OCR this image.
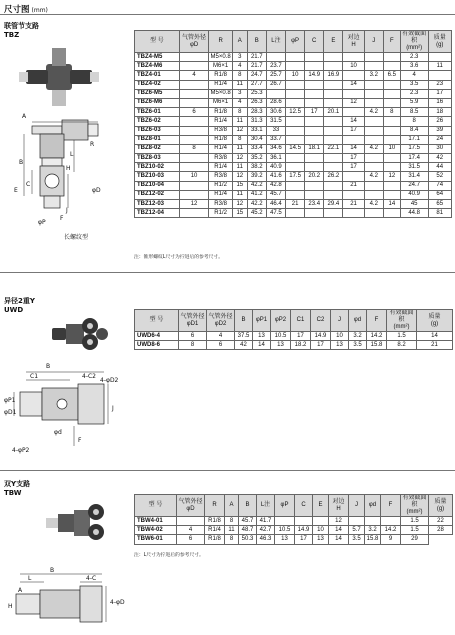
尺寸图 (mm)
联管节支路
TBZ
A
φP
B
L
H
R
C
E
J
F
φD
长螺纹型
型 号	气管外径
φD	R	A	B	L注	φP	C	E	对边
H	J	F	有效截面积
(mm²)	质量
(g)
TBZ4-M5		M5×0.8	3	21.7								2.3	
TBZ4-M6		M6×1	4	21.7	23.7				10			3.6	11
TBZ4-01	4	R1/8	8	24.7	25.7	10	14.9	16.9		3.2	6.5	4	
TBZ4-02		R1/4	11	27.7	26.7				14			3.5	23
TBZ6-M5		M5×0.8	3	25.3								2.3	17
TBZ6-M6		M6×1	4	26.3	28.6				12			5.9	16
TBZ6-01	6	R1/8	8	28.3	30.6	12.5	17	20.1		4.2	8	8.5	18
TBZ6-02		R1/4	11	31.3	31.5				14			8	26
TBZ6-03		R3/8	12	33.1	33				17			8.4	39
TBZ8-01		R1/8	8	30.4	33.7							17.1	24
TBZ8-02	8	R1/4	11	33.4	34.6	14.5	18.1	22.1	14	4.2	10	17.5	30
TBZ8-03		R3/8	12	35.2	36.1				17			17.4	42
TBZ10-02		R1/4	11	38.2	40.9				17			31.5	44
TBZ10-03	10	R3/8	12	39.2	41.6	17.5	20.2	26.2		4.2	12	31.4	52
TBZ10-04		R1/2	15	42.2	42.8				21			24.7	74
TBZ12-02		R1/4	11	41.2	45.7							40.9	64
TBZ12-03	12	R3/8	12	42.2	46.4	21	23.4	29.4	21	4.2	14	45	65
TBZ12-04		R1/2	15	45.2	47.5							44.8	81
注：锥形螺纹L尺寸为拧进后的参考尺寸。
异径2重Y
UWD
B
C1	4-C2
φP1
φD1
4-φP2
4-φD2
J
F
φd
型 号	气管外径
φD1	气管外径
φD2	B	φP1	φP2	C1	C2	J	φd	F	有效截面积
(mm²)	质量
(g)
UWD6-4	6	4	37.5	13	10.5	17	14.9	10	3.2	14.2	1.5	14
UWD8-6	8	6	42	14	13	18.2	17	13	3.5	15.8	8.2	21
双Y支路
TBW
A
B
4-C
4-φD
L
H
型 号	气管外径
φD	R	A	B	L注	φP	C	E	对边
H	J	φd	F	有效截面积
(mm²)	质量
(g)
TBW4-01		R1/8	8	45.7	41.7				12				1.5	22
TBW4-02	4	R1/4	11	48.7	42.7	10.5	14.9	10	14	5.7	3.2	14.2	1.5	28
TBW6-01	6	R1/8	8	50.3	46.3	13	17	13	14	3.5	15.8	9	29	
注：L尺寸为拧进后的参考尺寸。
